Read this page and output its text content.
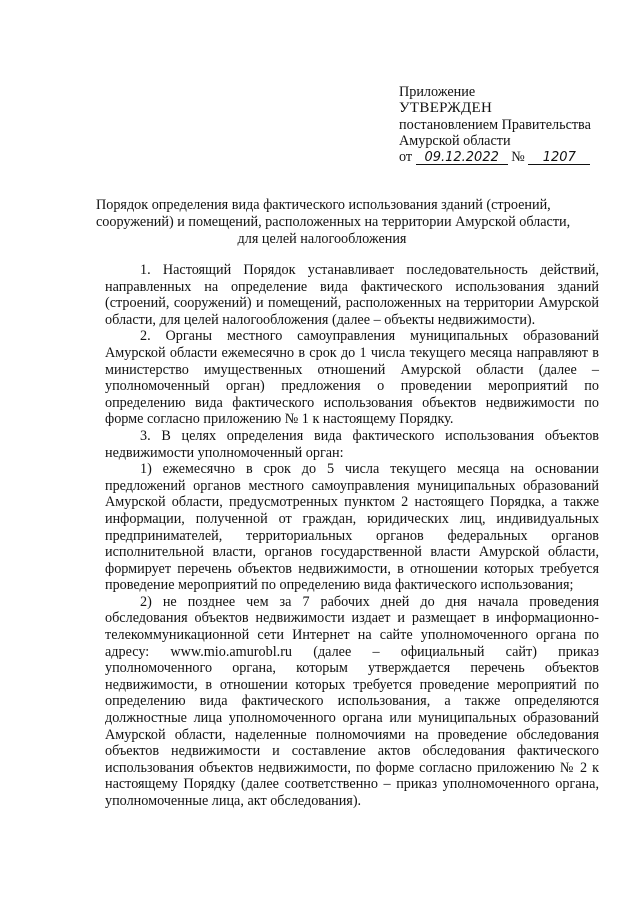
Приложение
УТВЕРЖДЕН
постановлением Правительства
Амурской области
от 09.12.2022 № 1207
Порядок определения вида фактического использования зданий (строений,
сооружений) и помещений, расположенных на территории Амурской области,
для целей налогообложения

1. Настоящий Порядок устанавливает последовательность действий, направленных на определение вида фактического использования зданий (строений, сооружений) и помещений, расположенных на территории Амурской области, для целей налогообложения (далее – объекты недвижимости).

2. Органы местного самоуправления муниципальных образований Амурской области ежемесячно в срок до 1 числа текущего месяца направляют в министерство имущественных отношений Амурской области (далее – уполномоченный орган) предложения о проведении мероприятий по определению вида фактического использования объектов недвижимости по форме согласно приложению № 1 к настоящему Порядку.

3. В целях определения вида фактического использования объектов недвижимости уполномоченный орган:

1) ежемесячно в срок до 5 числа текущего месяца на основании предложений органов местного самоуправления муниципальных образований Амурской области, предусмотренных пунктом 2 настоящего Порядка, а также информации, полученной от граждан, юридических лиц, индивидуальных предпринимателей, территориальных органов федеральных органов исполнительной власти, органов государственной власти Амурской области, формирует перечень объектов недвижимости, в отношении которых требуется проведение мероприятий по определению вида фактического использования;

2) не позднее чем за 7 рабочих дней до дня начала проведения обследования объектов недвижимости издает и размещает в информационно-телекоммуникационной сети Интернет на сайте уполномоченного органа по адресу: www.mio.amurobl.ru (далее – официальный сайт) приказ уполномоченного органа, которым утверждается перечень объектов недвижимости, в отношении которых требуется проведение мероприятий по определению вида фактического использования, а также определяются должностные лица уполномоченного органа или муниципальных образований Амурской области, наделенные полномочиями на проведение обследования объектов недвижимости и составление актов обследования фактического использования объектов недвижимости, по форме согласно приложению № 2 к настоящему Порядку (далее соответственно – приказ уполномоченного органа, уполномоченные лица, акт обследования).
